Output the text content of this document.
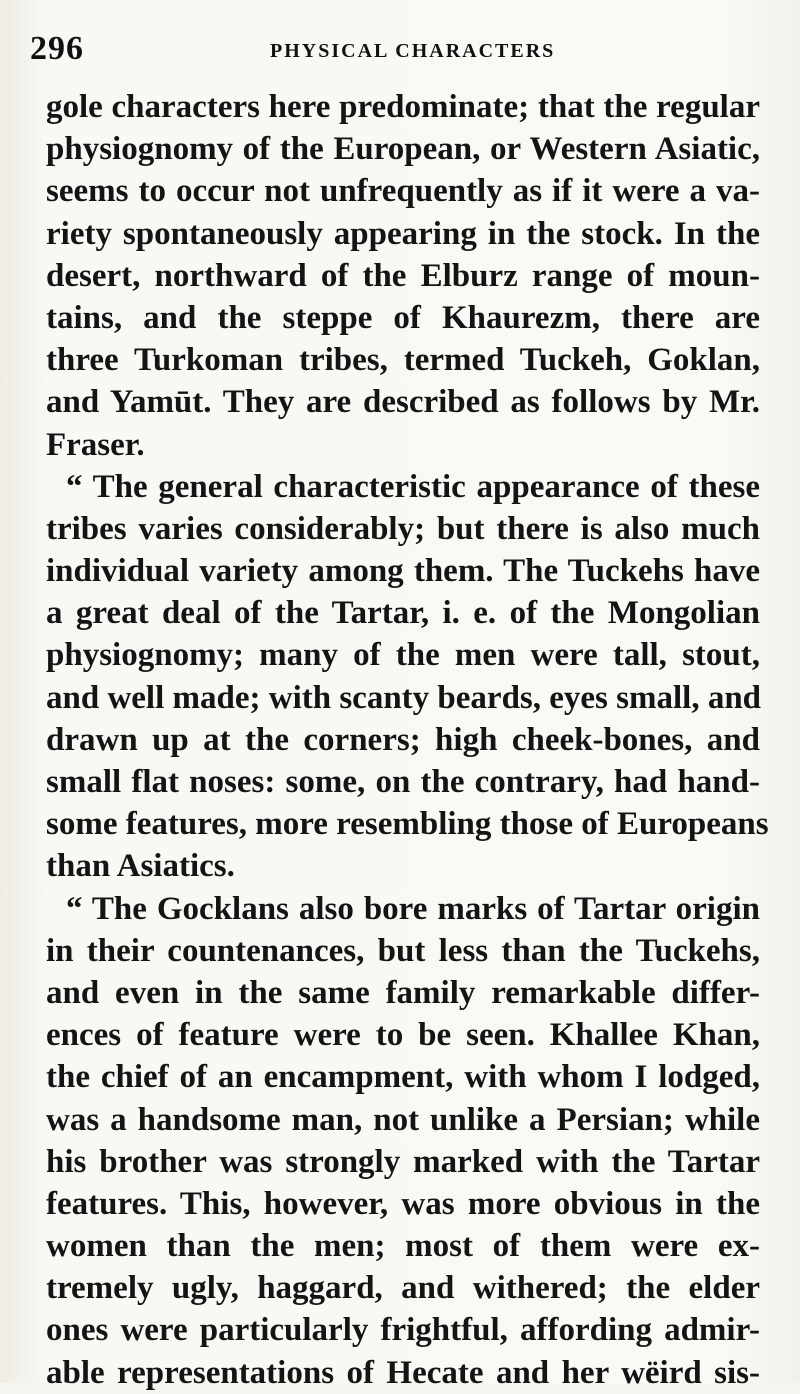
296	PHYSICAL CHARACTERS
gole characters here predominate; that the regular
physiognomy of the European, or Western Asiatic,
seems to occur not unfrequently as if it were a va-
riety spontaneously appearing in the stock. In the
desert, northward of the Elburz range of moun-
tains, and the steppe of Khaurezm, there are
three Turkoman tribes, termed Tuckeh, Goklan,
and Yamūt. They are described as follows by Mr.
Fraser.
“ The general characteristic appearance of these
tribes varies considerably; but there is also much
individual variety among them. The Tuckehs have
a great deal of the Tartar, i. e. of the Mongolian
physiognomy; many of the men were tall, stout,
and well made; with scanty beards, eyes small, and
drawn up at the corners; high cheek-bones, and
small flat noses: some, on the contrary, had hand-
some features, more resembling those of Europeans
than Asiatics.
“ The Gocklans also bore marks of Tartar origin
in their countenances, but less than the Tuckehs,
and even in the same family remarkable differ-
ences of feature were to be seen. Khallee Khan,
the chief of an encampment, with whom I lodged,
was a handsome man, not unlike a Persian; while
his brother was strongly marked with the Tartar
features. This, however, was more obvious in the
women than the men; most of them were ex-
tremely ugly, haggard, and withered; the elder
ones were particularly frightful, affording admir-
able representations of Hecate and her wëird sis-
